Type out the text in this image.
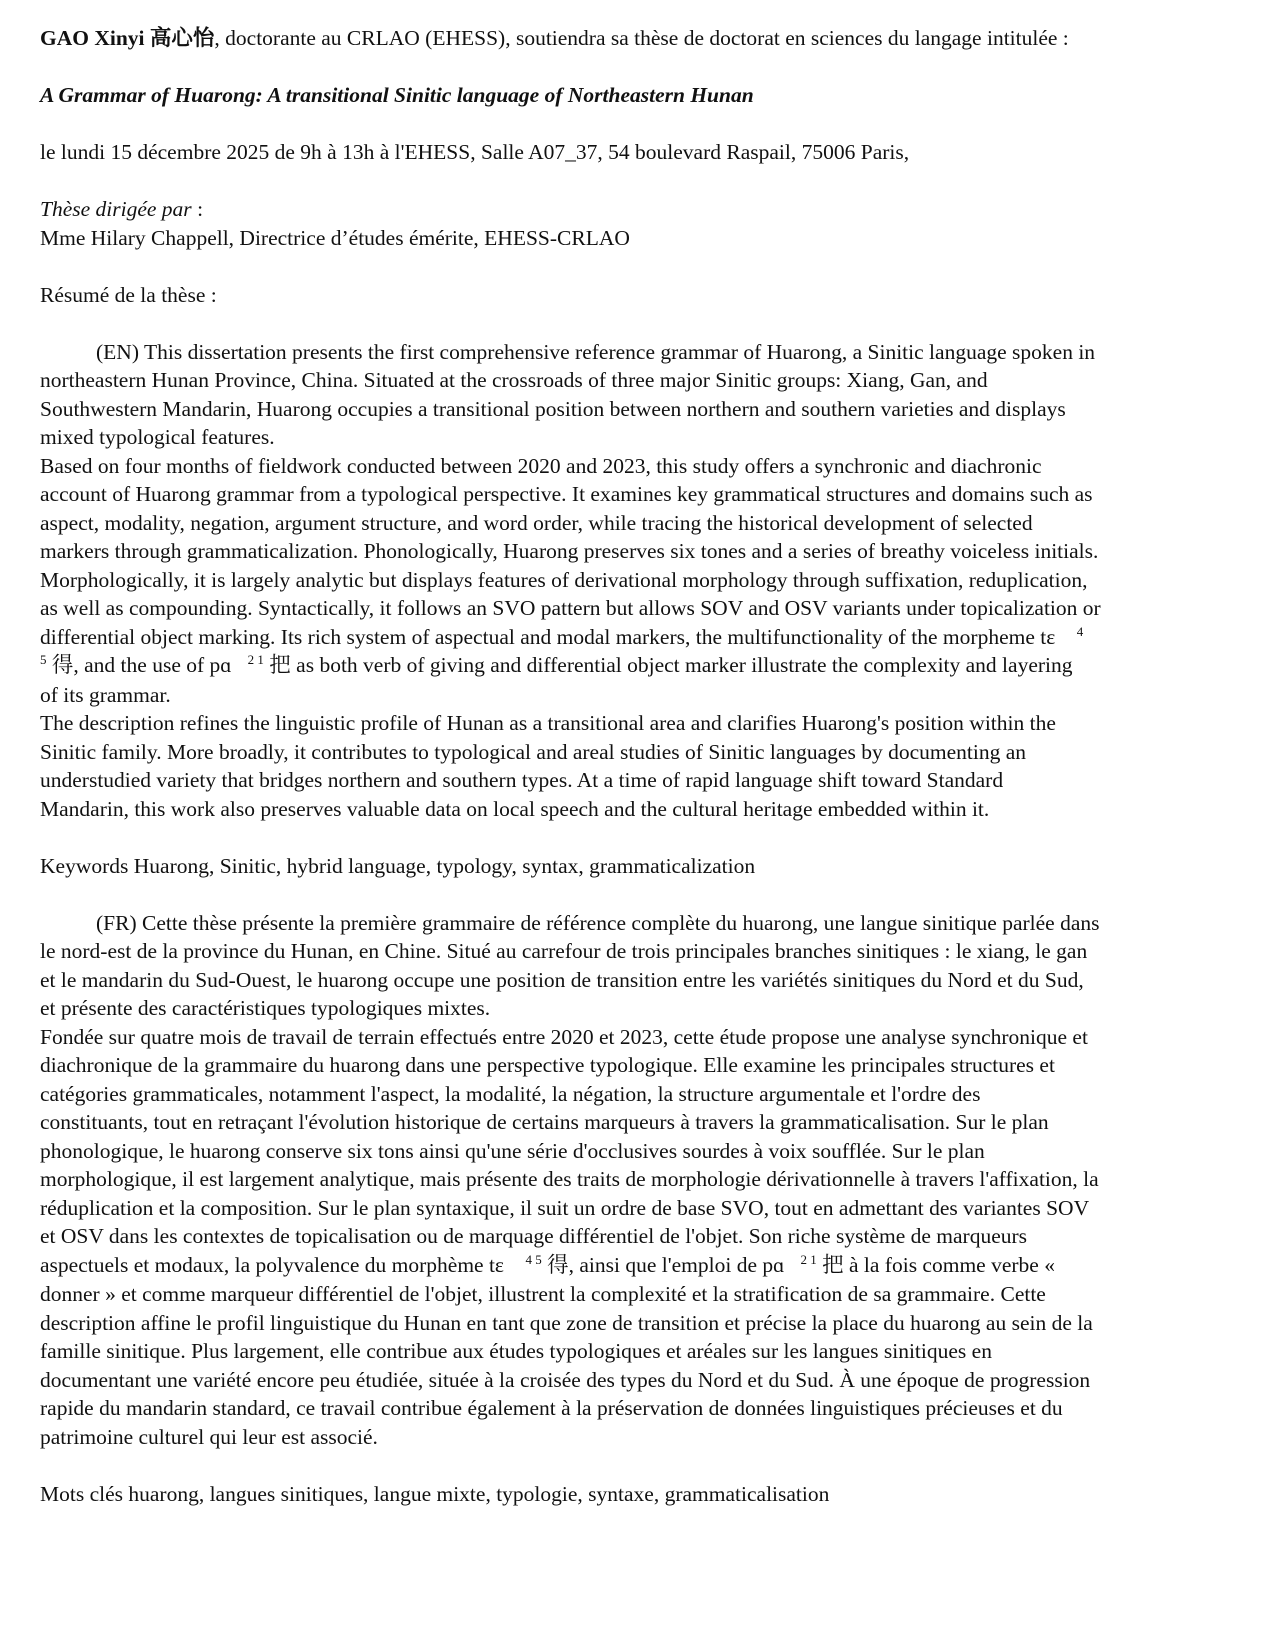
GAO Xinyi 高心怡, doctorante au CRLAO (EHESS), soutiendra sa thèse de doctorat en sciences du langage intitulée :

A Grammar of Huarong: A transitional Sinitic language of Northeastern Hunan

le lundi 15 décembre 2025 de 9h à 13h à l'EHESS, Salle A07_37, 54 boulevard Raspail, 75006 Paris,

Thèse dirigée par :

Mme Hilary Chappell, Directrice d’études émérite, EHESS-CRLAO

Résumé de la thèse :

(EN) This dissertation presents the first comprehensive reference grammar of Huarong, a Sinitic language spoken in

northeastern Hunan Province, China. Situated at the crossroads of three major Sinitic groups: Xiang, Gan, and

Southwestern Mandarin, Huarong occupies a transitional position between northern and southern varieties and displays

mixed typological features.

Based on four months of fieldwork conducted between 2020 and 2023, this study offers a synchronic and diachronic

account of Huarong grammar from a typological perspective. It examines key grammatical structures and domains such as

aspect, modality, negation, argument structure, and word order, while tracing the historical development of selected

markers through grammaticalization. Phonologically, Huarong preserves six tones and a series of breathy voiceless initials.

Morphologically, it is largely analytic but displays features of derivational morphology through suffixation, reduplication,

as well as compounding. Syntactically, it follows an SVO pattern but allows SOV and OSV variants under topicalization or

differential object marking. Its rich system of aspectual and modal markers, the multifunctionality of the morpheme tɛ $^4$

$^5$ 得, and the use of pɑ $^{2 1}$ 把 as both verb of giving and differential object marker illustrate the complexity and layering

of its grammar.

The description refines the linguistic profile of Hunan as a transitional area and clarifies Huarong's position within the

Sinitic family. More broadly, it contributes to typological and areal studies of Sinitic languages by documenting an

understudied variety that bridges northern and southern types. At a time of rapid language shift toward Standard

Mandarin, this work also preserves valuable data on local speech and the cultural heritage embedded within it.

Keywords Huarong, Sinitic, hybrid language, typology, syntax, grammaticalization

(FR) Cette thèse présente la première grammaire de référence complète du huarong, une langue sinitique parlée dans

le nord-est de la province du Hunan, en Chine. Situé au carrefour de trois principales branches sinitiques : le xiang, le gan

et le mandarin du Sud-Ouest, le huarong occupe une position de transition entre les variétés sinitiques du Nord et du Sud,

et présente des caractéristiques typologiques mixtes.

Fondée sur quatre mois de travail de terrain effectués entre 2020 et 2023, cette étude propose une analyse synchronique et

diachronique de la grammaire du huarong dans une perspective typologique. Elle examine les principales structures et

catégories grammaticales, notamment l'aspect, la modalité, la négation, la structure argumentale et l'ordre des

constituants, tout en retraçant l'évolution historique de certains marqueurs à travers la grammaticalisation. Sur le plan

phonologique, le huarong conserve six tons ainsi qu'une série d'occlusives sourdes à voix soufflée. Sur le plan

morphologique, il est largement analytique, mais présente des traits de morphologie dérivationnelle à travers l'affixation, la

réduplication et la composition. Sur le plan syntaxique, il suit un ordre de base SVO, tout en admettant des variantes SOV

et OSV dans les contextes de topicalisation ou de marquage différentiel de l'objet. Son riche système de marqueurs

aspectuels et modaux, la polyvalence du morphème tɛ $^{4 5}$ 得, ainsi que l'emploi de pɑ $^{2 1}$ 把 à la fois comme verbe «

donner » et comme marqueur différentiel de l'objet, illustrent la complexité et la stratification de sa grammaire. Cette

description affine le profil linguistique du Hunan en tant que zone de transition et précise la place du huarong au sein de la

famille sinitique. Plus largement, elle contribue aux études typologiques et aréales sur les langues sinitiques en

documentant une variété encore peu étudiée, située à la croisée des types du Nord et du Sud. À une époque de progression

rapide du mandarin standard, ce travail contribue également à la préservation de données linguistiques précieuses et du

patrimoine culturel qui leur est associé.

Mots clés huarong, langues sinitiques, langue mixte, typologie, syntaxe, grammaticalisation
